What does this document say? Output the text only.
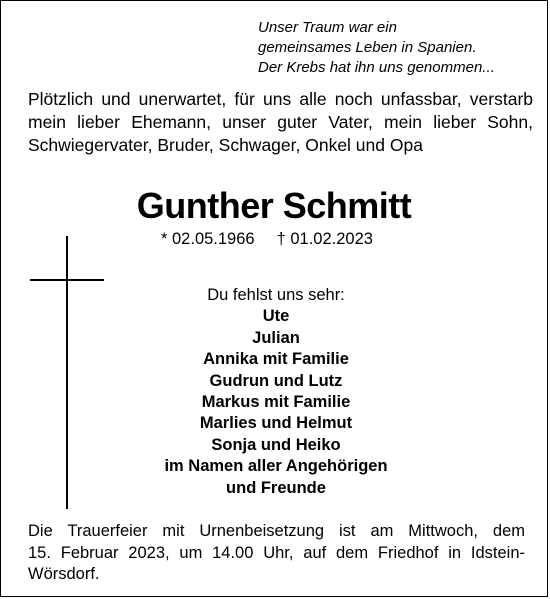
Unser Traum war ein
gemeinsames Leben in Spanien.
Der Krebs hat ihn uns genommen...
Plötzlich und unerwartet, für uns alle noch unfassbar, verstarb
mein lieber Ehemann, unser guter Vater, mein lieber Sohn,
Schwiegervater, Bruder, Schwager, Onkel und Opa
Gunther Schmitt
* 02.05.1966 † 01.02.2023
Du fehlst uns sehr:
Ute
Julian
Annika mit Familie
Gudrun und Lutz
Markus mit Familie
Marlies und Helmut
Sonja und Heiko
im Namen aller Angehörigen
und Freunde
Die Trauerfeier mit Urnenbeisetzung ist am Mittwoch, dem
15. Februar 2023, um 14.00 Uhr, auf dem Friedhof in Idstein-
Wörsdorf.
